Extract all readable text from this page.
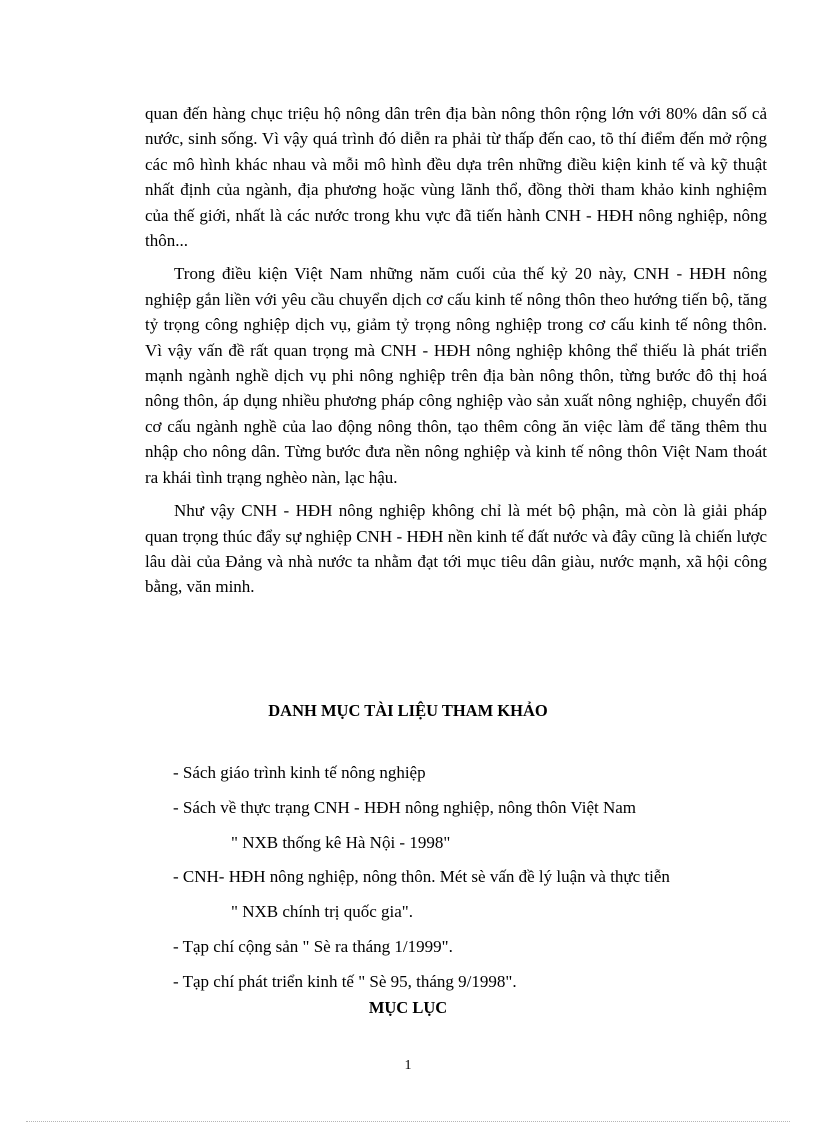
quan đến hàng chục triệu hộ nông dân trên địa bàn nông thôn rộng lớn với 80% dân số cả nước, sinh sống. Vì vậy quá trình đó diễn ra phải từ thấp đến cao, tõ thí điểm đến mở rộng các mô hình khác nhau và mỗi mô hình đều dựa trên những điều kiện kinh tế và kỹ thuật nhất định của ngành, địa phương hoặc vùng lãnh thổ, đồng thời tham khảo kinh nghiệm của thế giới, nhất là các nước trong khu vực đã tiến hành CNH - HĐH nông nghiệp, nông thôn...

Trong điều kiện Việt Nam những năm cuối của thế kỷ 20 này, CNH - HĐH nông nghiệp gắn liền với yêu cầu chuyển dịch cơ cấu kinh tế nông thôn theo hướng tiến bộ, tăng tỷ trọng công nghiệp dịch vụ, giảm tỷ trọng nông nghiệp trong cơ cấu kinh tế nông thôn. Vì vậy vấn đề rất quan trọng mà CNH - HĐH nông nghiệp không thể thiếu là phát triển mạnh ngành nghề dịch vụ phi nông nghiệp trên địa bàn nông thôn, từng bước đô thị hoá nông thôn, áp dụng nhiều phương pháp công nghiệp vào sản xuất nông nghiệp, chuyển đổi cơ cấu ngành nghề của lao động nông thôn, tạo thêm công ăn việc làm để tăng thêm thu nhập cho nông dân. Từng bước đưa nền nông nghiệp và kinh tế nông thôn Việt Nam thoát ra khái tình trạng nghèo nàn, lạc hậu.

Như vậy CNH - HĐH nông nghiệp không chỉ là mét bộ phận, mà còn là giải pháp quan trọng thúc đẩy sự nghiệp CNH - HĐH nền kinh tế đất nước và đây cũng là chiến lược lâu dài của Đảng và nhà nước ta nhằm đạt tới mục tiêu dân giàu, nước mạnh, xã hội công bằng, văn minh.

DANH MỤC TÀI LIỆU THAM KHẢO
- Sách giáo trình kinh tế nông nghiệp
- Sách về thực trạng CNH - HĐH nông nghiệp, nông thôn Việt Nam
" NXB thống kê Hà Nội - 1998"
- CNH- HĐH nông nghiệp, nông thôn. Mét sè vấn đề lý luận và thực tiễn
" NXB chính trị quốc gia".
- Tạp chí cộng sản " Sè ra tháng 1/1999".
- Tạp chí phát triển kinh tế " Sè 95, tháng 9/1998".
MỤC LỤC
1
